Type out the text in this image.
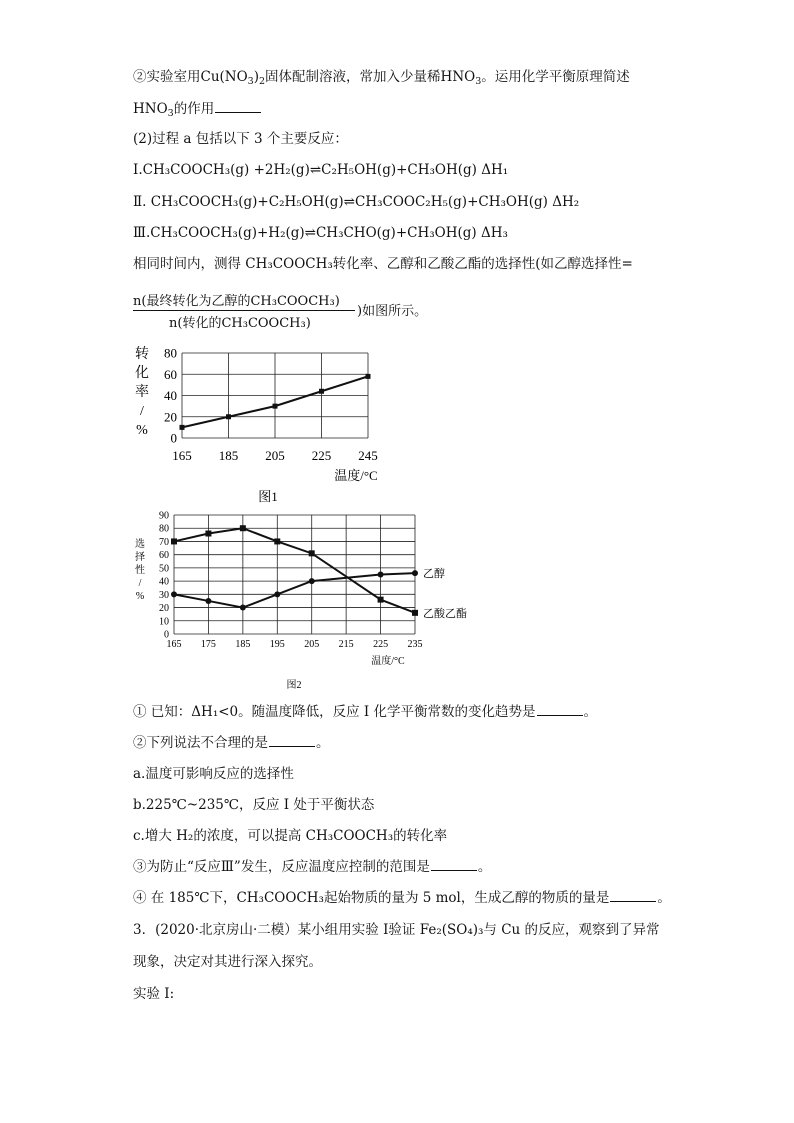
②实验室用$Cu(NO_3)_2$固体配制溶液，常加入少量稀$HNO_3$。运用化学平衡原理简述
$HNO_3$的作用
(2)过程 a 包括以下 3 个主要反应：
Ⅰ.CH₃COOCH₃(g) +2H₂(g)⇌C₂H₅OH(g)+CH₃OH(g) ΔH₁
Ⅱ. CH₃COOCH₃(g)+C₂H₅OH(g)⇌CH₃COOC₂H₅(g)+CH₃OH(g) ΔH₂
Ⅲ.CH₃COOCH₃(g)+H₂(g)⇌CH₃CHO(g)+CH₃OH(g) ΔH₃
相同时间内，测得 CH₃COOCH₃转化率、乙醇和乙酸乙酯的选择性(如乙醇选择性=
n(最终转化为乙醇的CH₃COOCH₃)
n(转化的CH₃COOCH₃)
)如图所示。
165 185 205 225 245
0
20
40
60
80
温度/°C
转
化
率
/
%
图1
165 175 185 195 205 215 225 235
0
10
20
30
40
50
60
70
80
90
温度/°C
选
择
性
/
%
乙醇
乙酸乙酯
图2
① 已知：ΔH₁<0。随温度降低，反应 I 化学平衡常数的变化趋势是	。
②下列说法不合理的是	。
a.温度可影响反应的选择性
b.225℃~235℃，反应 I 处于平衡状态
c.增大 H₂的浓度，可以提高 CH₃COOCH₃的转化率
③为防止“反应Ⅲ”发生，反应温度应控制的范围是	。
④ 在 185℃下，CH₃COOCH₃起始物质的量为 5 mol，生成乙醇的物质的量是	。
3．(2020·北京房山·二模）某小组用实验 I验证 Fe₂(SO₄)₃与 Cu 的反应，观察到了异常
现象，决定对其进行深入探究。
实验 I:
